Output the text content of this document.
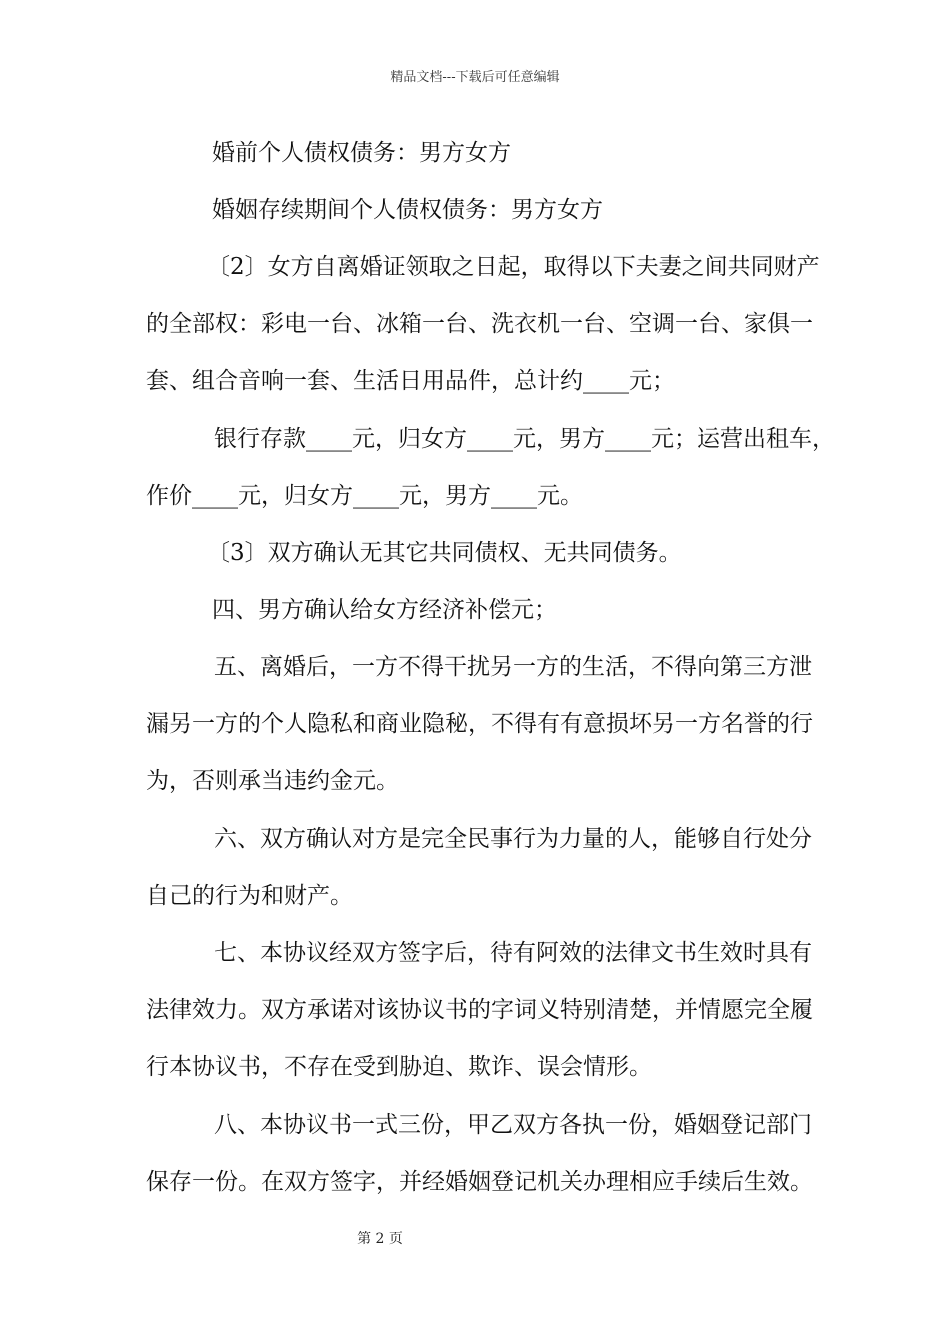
精品文档---下载后可任意编辑
婚前个人债权债务：男方女方
婚姻存续期间个人债权债务：男方女方
〔2〕女方自离婚证领取之日起，取得以下夫妻之间共同财产
的全部权：彩电一台、冰箱一台、洗衣机一台、空调一台、家俱一
套、组合音响一套、生活日用品件，总计约____元；
银行存款____元，归女方____元，男方____元；运营出租车，
作价____元，归女方____元，男方____元。
〔3〕双方确认无其它共同债权、无共同债务。
四、男方确认给女方经济补偿元；
五、离婚后，一方不得干扰另一方的生活，不得向第三方泄
漏另一方的个人隐私和商业隐秘，不得有有意损坏另一方名誉的行
为，否则承当违约金元。
六、双方确认对方是完全民事行为力量的人，能够自行处分
自己的行为和财产。
七、本协议经双方签字后，待有阿效的法律文书生效时具有
法律效力。双方承诺对该协议书的字词义特别清楚，并情愿完全履
行本协议书，不存在受到胁迫、欺诈、误会情形。
八、本协议书一式三份，甲乙双方各执一份，婚姻登记部门
保存一份。在双方签字，并经婚姻登记机关办理相应手续后生效。
第 2 页
